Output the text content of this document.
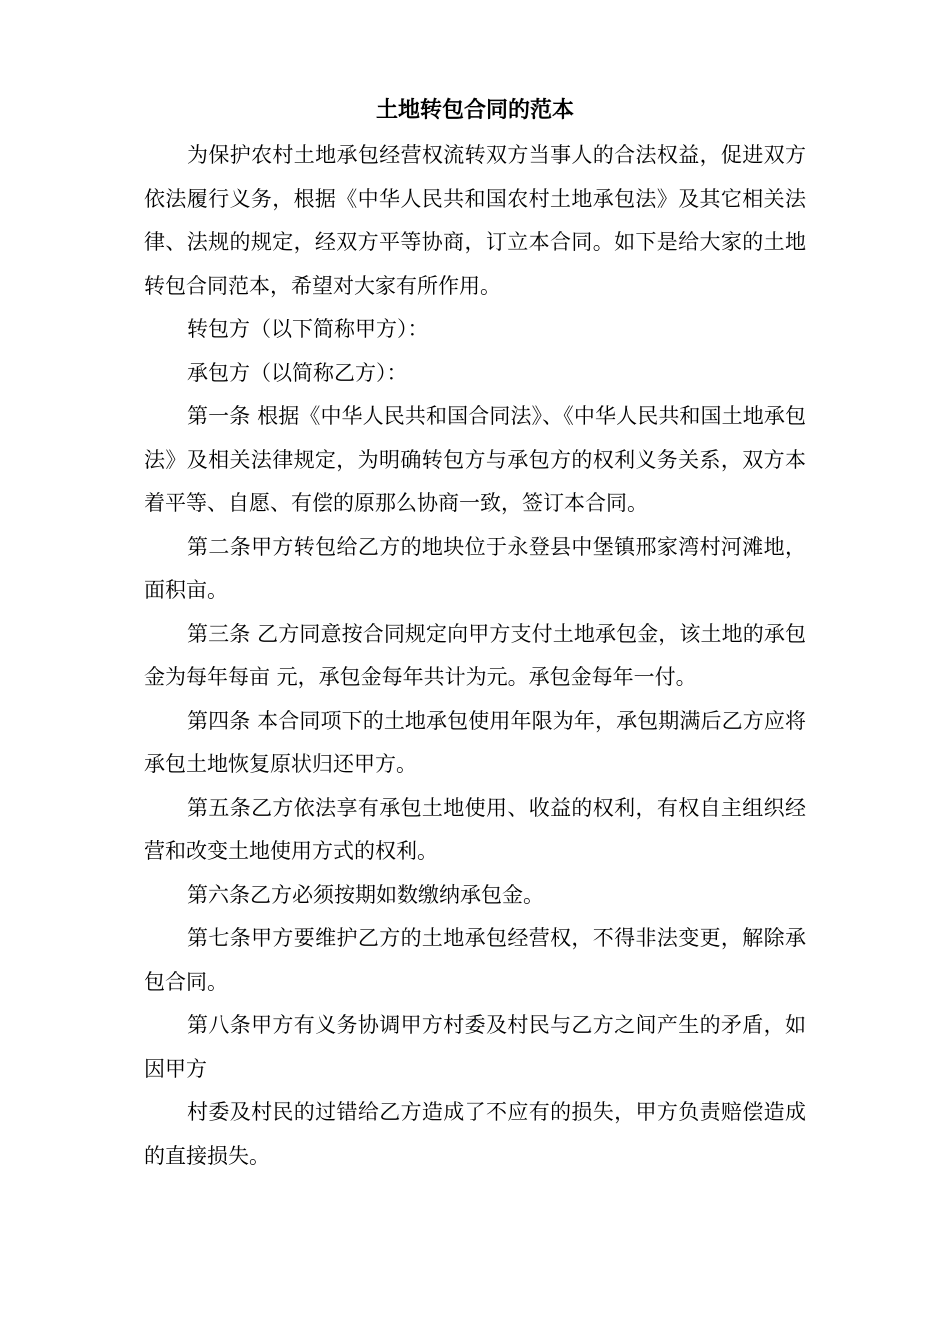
土地转包合同的范本

为保护农村土地承包经营权流转双方当事人的合法权益，促进双方依法履行义务，根据《中华人民共和国农村土地承包法》及其它相关法律、法规的规定，经双方平等协商，订立本合同。如下是给大家的土地转包合同范本，希望对大家有所作用。

转包方（以下简称甲方）：

承包方（以简称乙方）：

第一条 根据《中华人民共和国合同法》、《中华人民共和国土地承包法》及相关法律规定，为明确转包方与承包方的权利义务关系，双方本着平等、自愿、有偿的原那么协商一致，签订本合同。

第二条甲方转包给乙方的地块位于永登县中堡镇邢家湾村河滩地，面积亩。

第三条 乙方同意按合同规定向甲方支付土地承包金，该土地的承包金为每年每亩 元，承包金每年共计为元。承包金每年一付。

第四条 本合同项下的土地承包使用年限为年，承包期满后乙方应将承包土地恢复原状归还甲方。

第五条乙方依法享有承包土地使用、收益的权利，有权自主组织经营和改变土地使用方式的权利。

第六条乙方必须按期如数缴纳承包金。

第七条甲方要维护乙方的土地承包经营权，不得非法变更，解除承包合同。

第八条甲方有义务协调甲方村委及村民与乙方之间产生的矛盾，如因甲方

村委及村民的过错给乙方造成了不应有的损失，甲方负责赔偿造成的直接损失。
